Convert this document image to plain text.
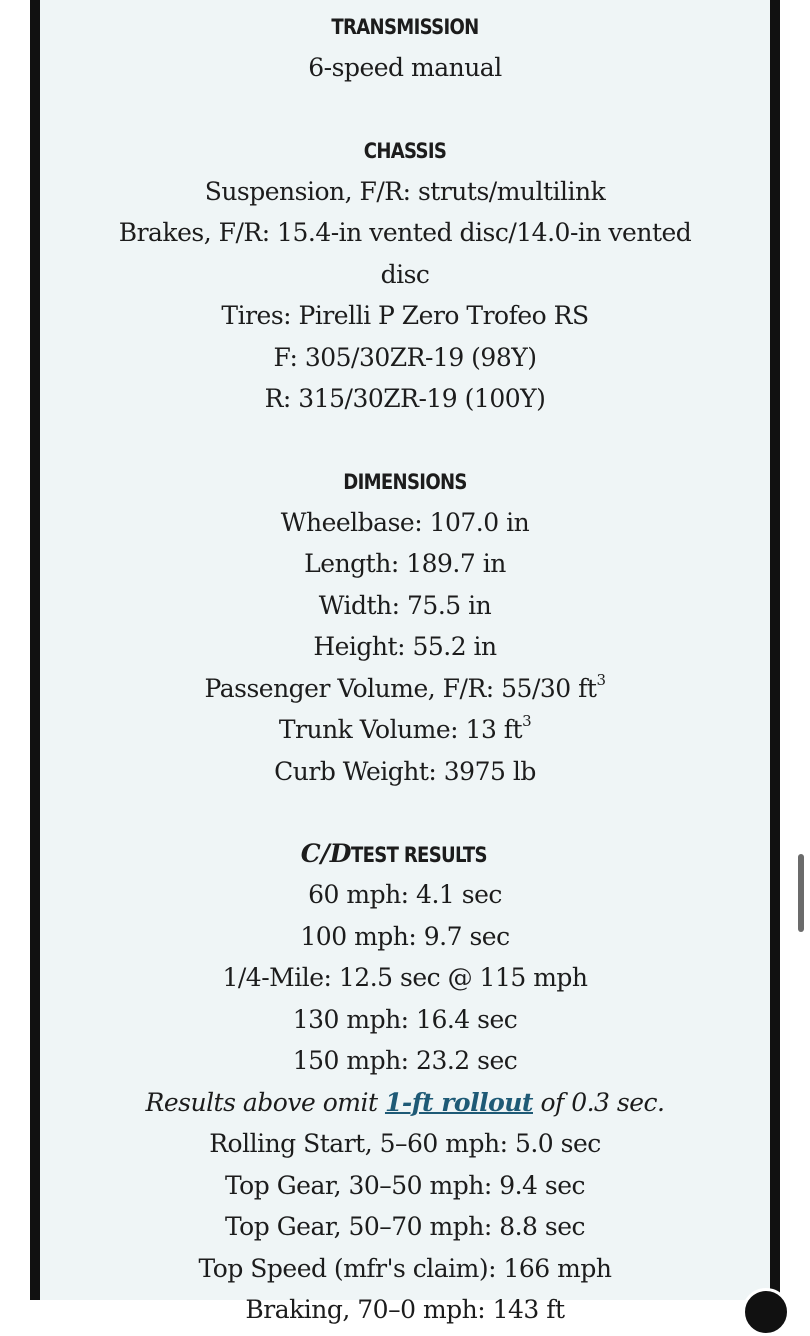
TRANSMISSION
6-speed manual
CHASSIS
Suspension, F/R: struts/multilink
Brakes, F/R: 15.4-in vented disc/14.0-in vented
disc
Tires: Pirelli P Zero Trofeo RS
F: 305/30ZR-19 (98Y)
R: 315/30ZR-19 (100Y)
DIMENSIONS
Wheelbase: 107.0 in
Length: 189.7 in
Width: 75.5 in
Height: 55.2 in
Passenger Volume, F/R: 55/30 $ft^3$
Trunk Volume: 13 $ft^3$
Curb Weight: 3975 lb
C/DTEST RESULTS
60 mph: 4.1 sec
100 mph: 9.7 sec
1/4-Mile: 12.5 sec @ 115 mph
130 mph: 16.4 sec
150 mph: 23.2 sec
Results above omit 1-ft rollout of 0.3 sec.
Rolling Start, 5–60 mph: 5.0 sec
Top Gear, 30–50 mph: 9.4 sec
Top Gear, 50–70 mph: 8.8 sec
Top Speed (mfr's claim): 166 mph
Braking, 70–0 mph: 143 ft
